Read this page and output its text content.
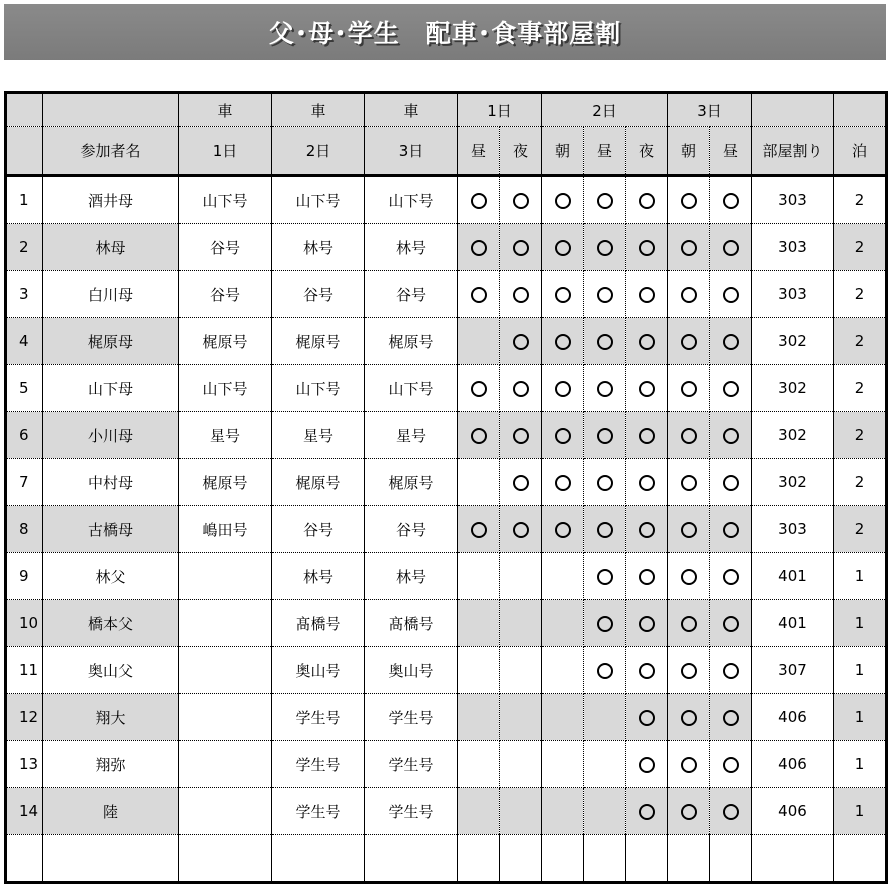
父･母･学生　配車･食事部屋割
		車	車	車	1日		2日			3日			
	参加者名	1日	2日	3日	昼	夜	朝	昼	夜	朝	昼	部屋割り	泊
1	酒井母	山下号	山下号	山下号								303	2
2	林母	谷号	林号	林号								303	2
3	白川母	谷号	谷号	谷号								303	2
4	梶原母	梶原号	梶原号	梶原号								302	2
5	山下母	山下号	山下号	山下号								302	2
6	小川母	星号	星号	星号								302	2
7	中村母	梶原号	梶原号	梶原号								302	2
8	古橋母	嶋田号	谷号	谷号								303	2
9	林父		林号	林号								401	1
10	橋本父		髙橋号	髙橋号								401	1
11	奥山父		奥山号	奥山号								307	1
12	翔大		学生号	学生号								406	1
13	翔弥		学生号	学生号								406	1
14	陸		学生号	学生号								406	1
